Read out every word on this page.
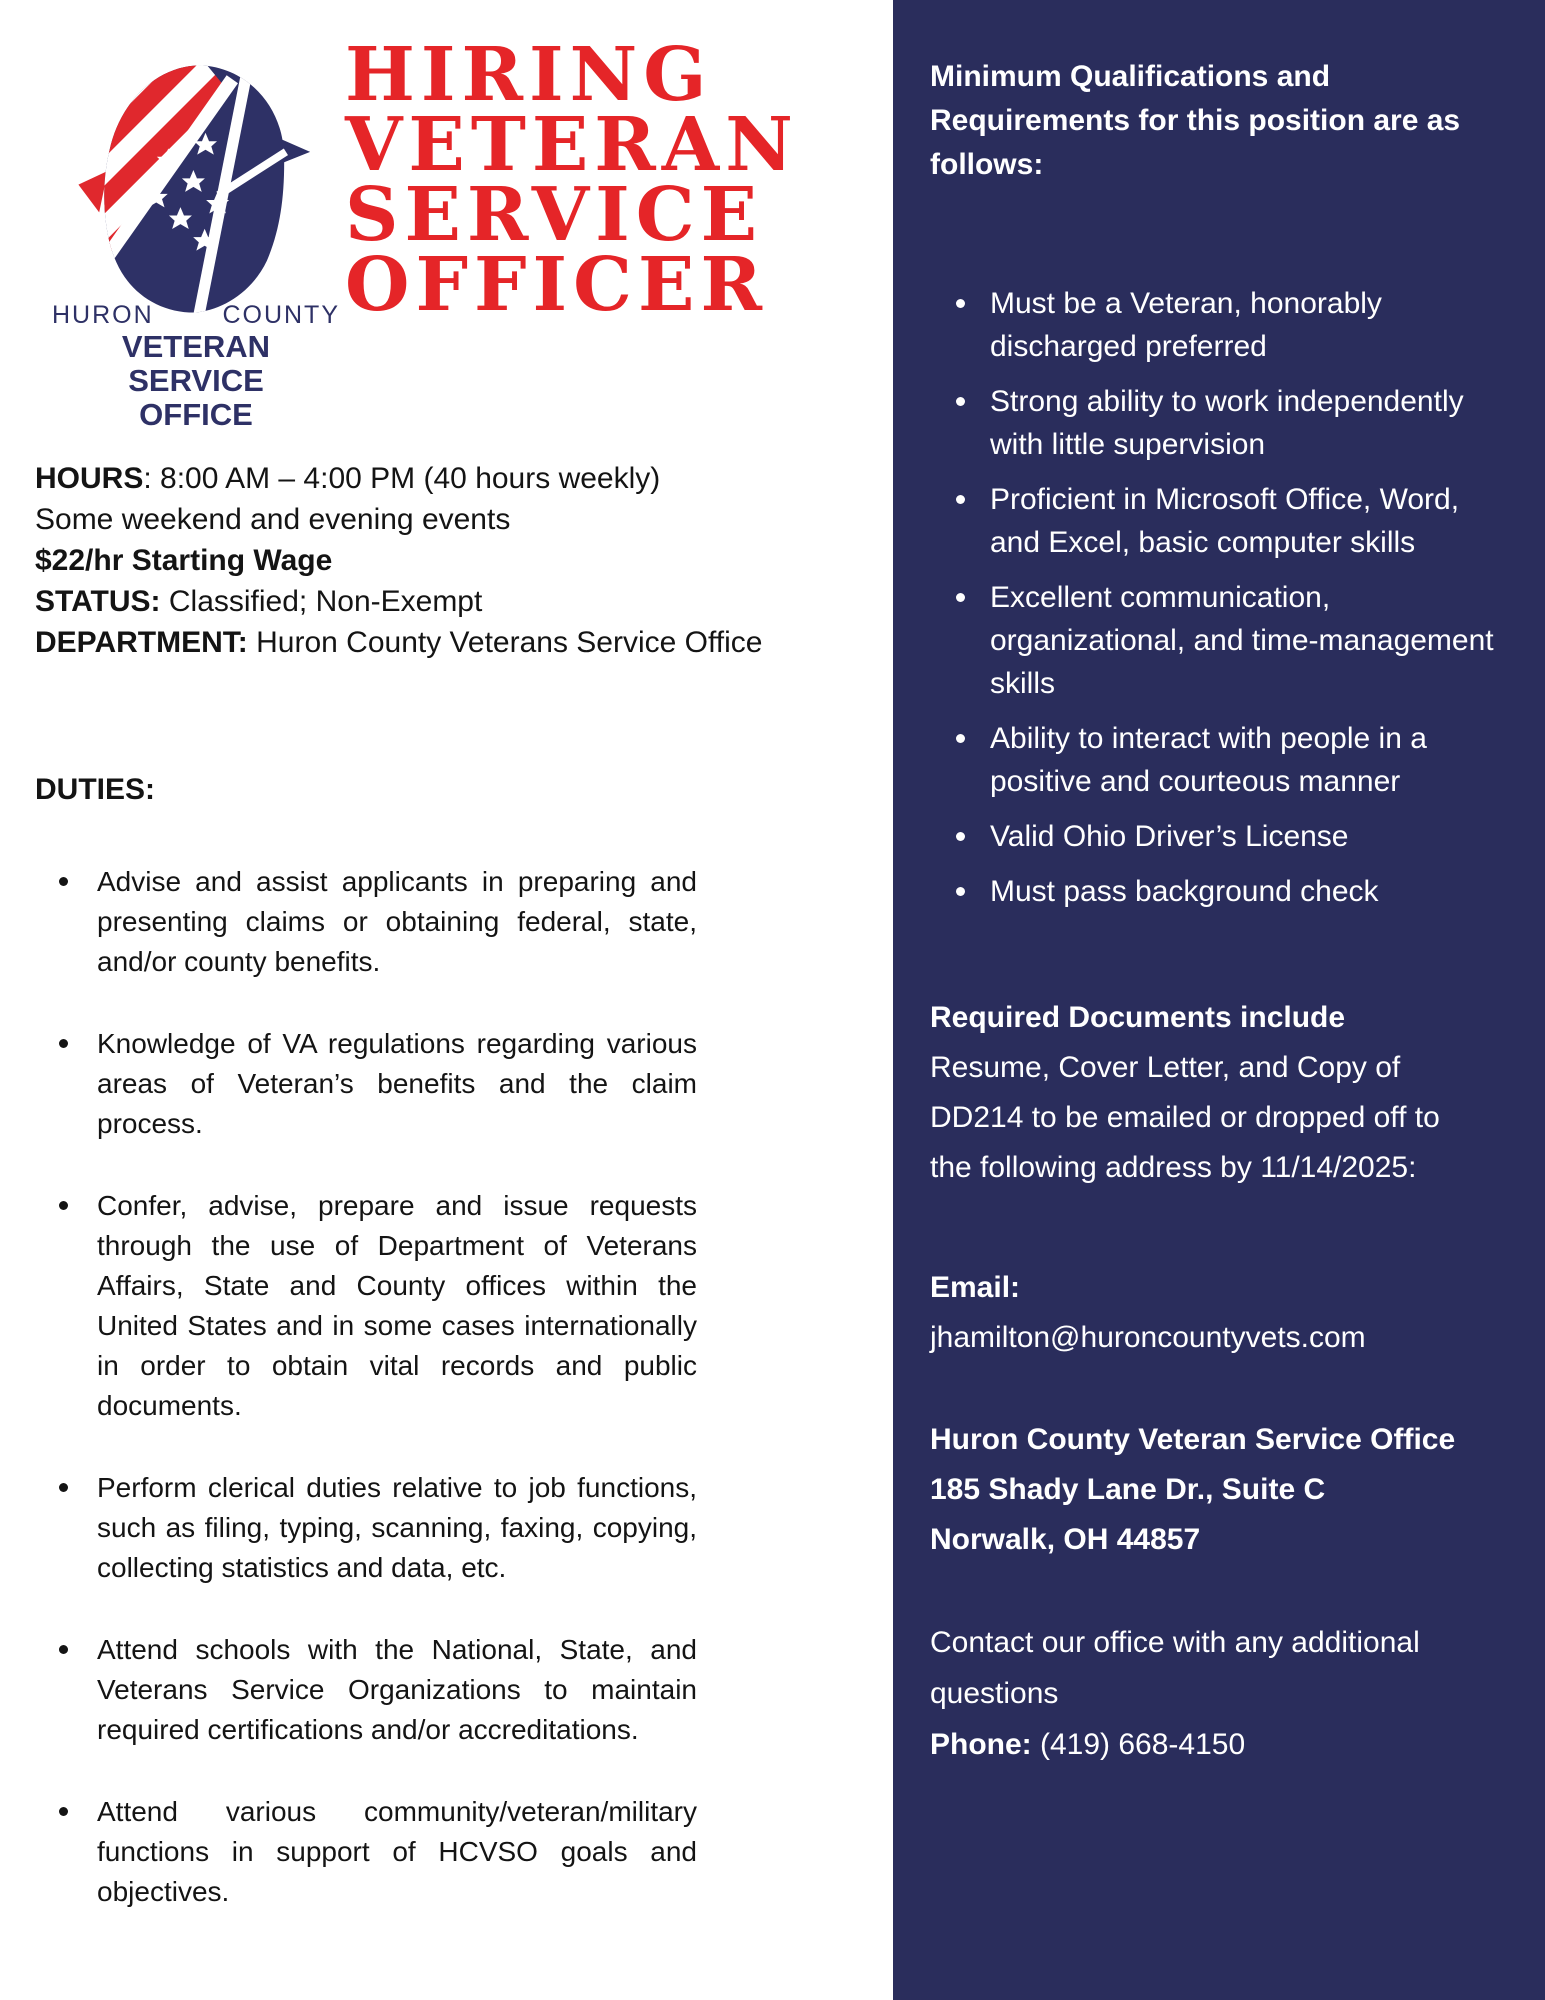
Minimum Qualifications and Requirements for this position are as follows:
Must be a Veteran, honorably discharged preferred
Strong ability to work independently with little supervision
Proficient in Microsoft Office, Word, and Excel, basic computer skills
Excellent communication, organizational, and time-management skills
Ability to interact with people in a positive and courteous manner
Valid Ohio Driver’s License
Must pass background check

Required Documents include
Resume, Cover Letter, and Copy of DD214 to be emailed or dropped off to the following address by 11/14/2025:

Email:
jhamilton@huroncountyvets.com

Huron County Veteran Service Office
185 Shady Lane Dr., Suite C
Norwalk, OH 44857

Contact our office with any additional questions
Phone: (419) 668-4150

HURON	COUNTY
VETERAN SERVICE
OFFICE
HIRING
VETERAN
SERVICE
OFFICER

HOURS: 8:00 AM – 4:00 PM (40 hours weekly)

Some weekend and evening events

$22/hr Starting Wage

STATUS: Classified; Non-Exempt

DEPARTMENT: Huron County Veterans Service Office

DUTIES:
Advise and assist applicants in preparing and presenting claims or obtaining federal, state, and/or county benefits.
Knowledge of VA regulations regarding various areas of Veteran’s benefits and the claim process.
Confer, advise, prepare and issue requests through the use of Department of Veterans Affairs, State and County offices within the United States and in some cases internationally in order to obtain vital records and public documents.
Perform clerical duties relative to job functions, such as filing, typing, scanning, faxing, copying, collecting statistics and data, etc.
Attend schools with the National, State, and Veterans Service Organizations to maintain required certifications and/or accreditations.
Attend various community/veteran/military functions in support of HCVSO goals and objectives.
